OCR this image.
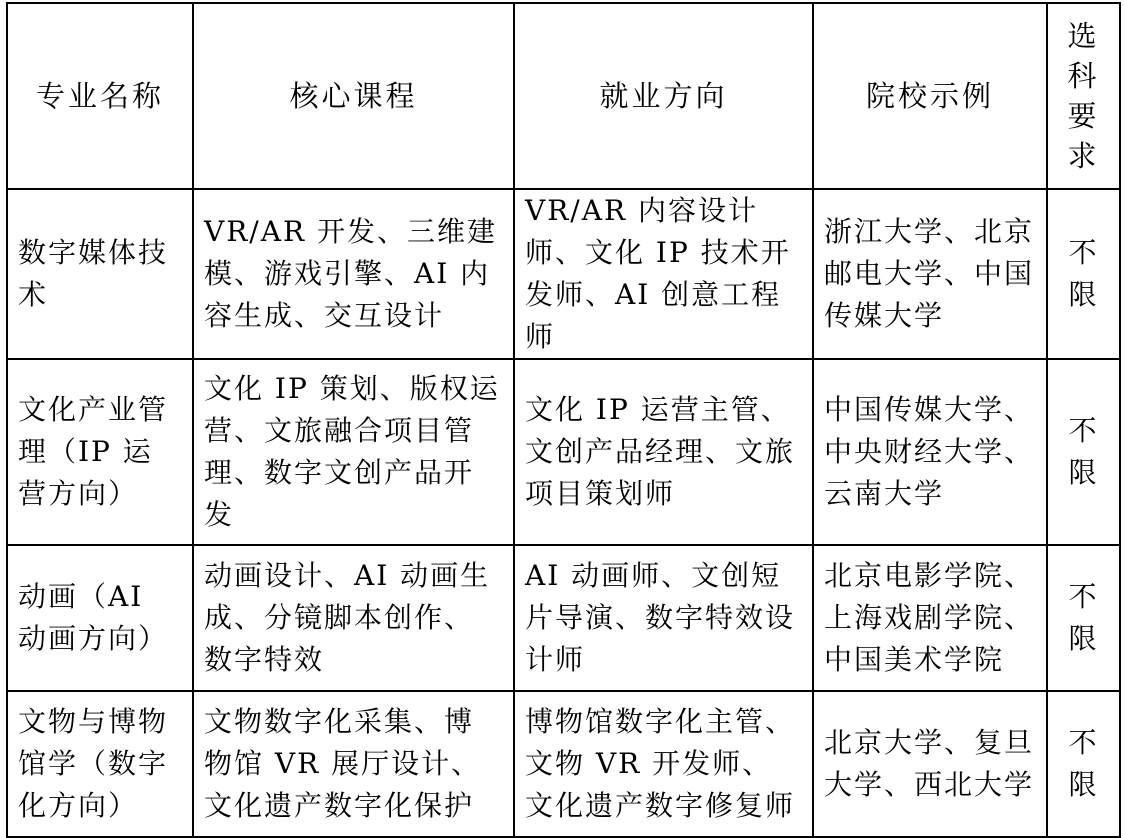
专业名称	核心课程	就业方向	院校示例	选科要求
数字媒体技术	VR/AR 开发、三维建模、游戏引擎、AI 内容生成、交互设计	VR/AR 内容设计师、文化 IP 技术开发师、AI 创意工程师	浙江大学、北京邮电大学、中国传媒大学	不限
文化产业管理（IP 运营方向）	文化 IP 策划、版权运营、文旅融合项目管理、数字文创产品开发	文化 IP 运营主管、文创产品经理、文旅项目策划师	中国传媒大学、中央财经大学、云南大学	不限
动画（AI 动画方向）	动画设计、AI 动画生成、分镜脚本创作、数字特效	AI 动画师、文创短片导演、数字特效设计师	北京电影学院、上海戏剧学院、中国美术学院	不限
文物与博物馆学（数字化方向）	文物数字化采集、博物馆 VR 展厅设计、文化遗产数字化保护	博物馆数字化主管、文物 VR 开发师、文化遗产数字修复师	北京大学、复旦大学、西北大学	不限
